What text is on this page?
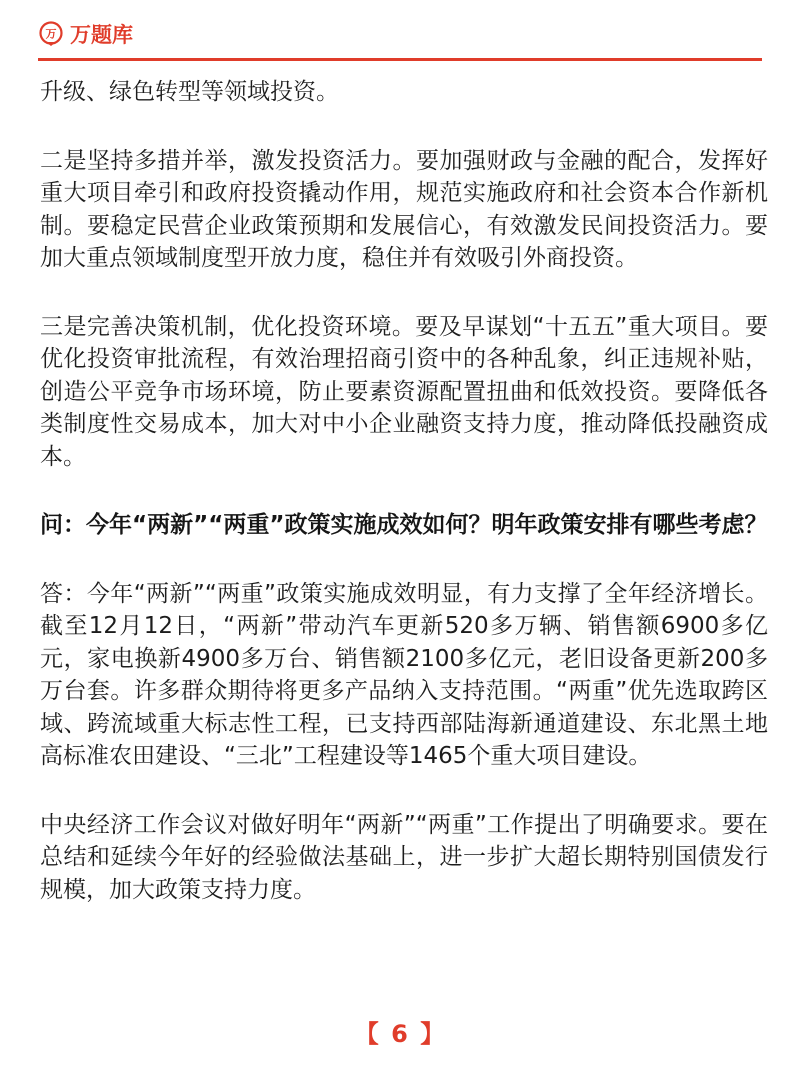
万 万题库

升级、绿色转型等领域投资。

二是坚持多措并举，激发投资活力。要加强财政与金融的配合，发挥好重大项目牵引和政府投资撬动作用，规范实施政府和社会资本合作新机制。要稳定民营企业政策预期和发展信心，有效激发民间投资活力。要加大重点领域制度型开放力度，稳住并有效吸引外商投资。

三是完善决策机制，优化投资环境。要及早谋划“十五五”重大项目。要优化投资审批流程，有效治理招商引资中的各种乱象，纠正违规补贴，创造公平竞争市场环境，防止要素资源配置扭曲和低效投资。要降低各类制度性交易成本，加大对中小企业融资支持力度，推动降低投融资成本。

问：今年“两新”“两重”政策实施成效如何？明年政策安排有哪些考虑？

答：今年“两新”“两重”政策实施成效明显，有力支撑了全年经济增长。截至12月12日，“两新”带动汽车更新520多万辆、销售额6900多亿元，家电换新4900多万台、销售额2100多亿元，老旧设备更新200多万台套。许多群众期待将更多产品纳入支持范围。“两重”优先选取跨区域、跨流域重大标志性工程，已支持西部陆海新通道建设、东北黑土地高标准农田建设、“三北”工程建设等1465个重大项目建设。

中央经济工作会议对做好明年“两新”“两重”工作提出了明确要求。要在总结和延续今年好的经验做法基础上，进一步扩大超长期特别国债发行规模，加大政策支持力度。

【 6 】
